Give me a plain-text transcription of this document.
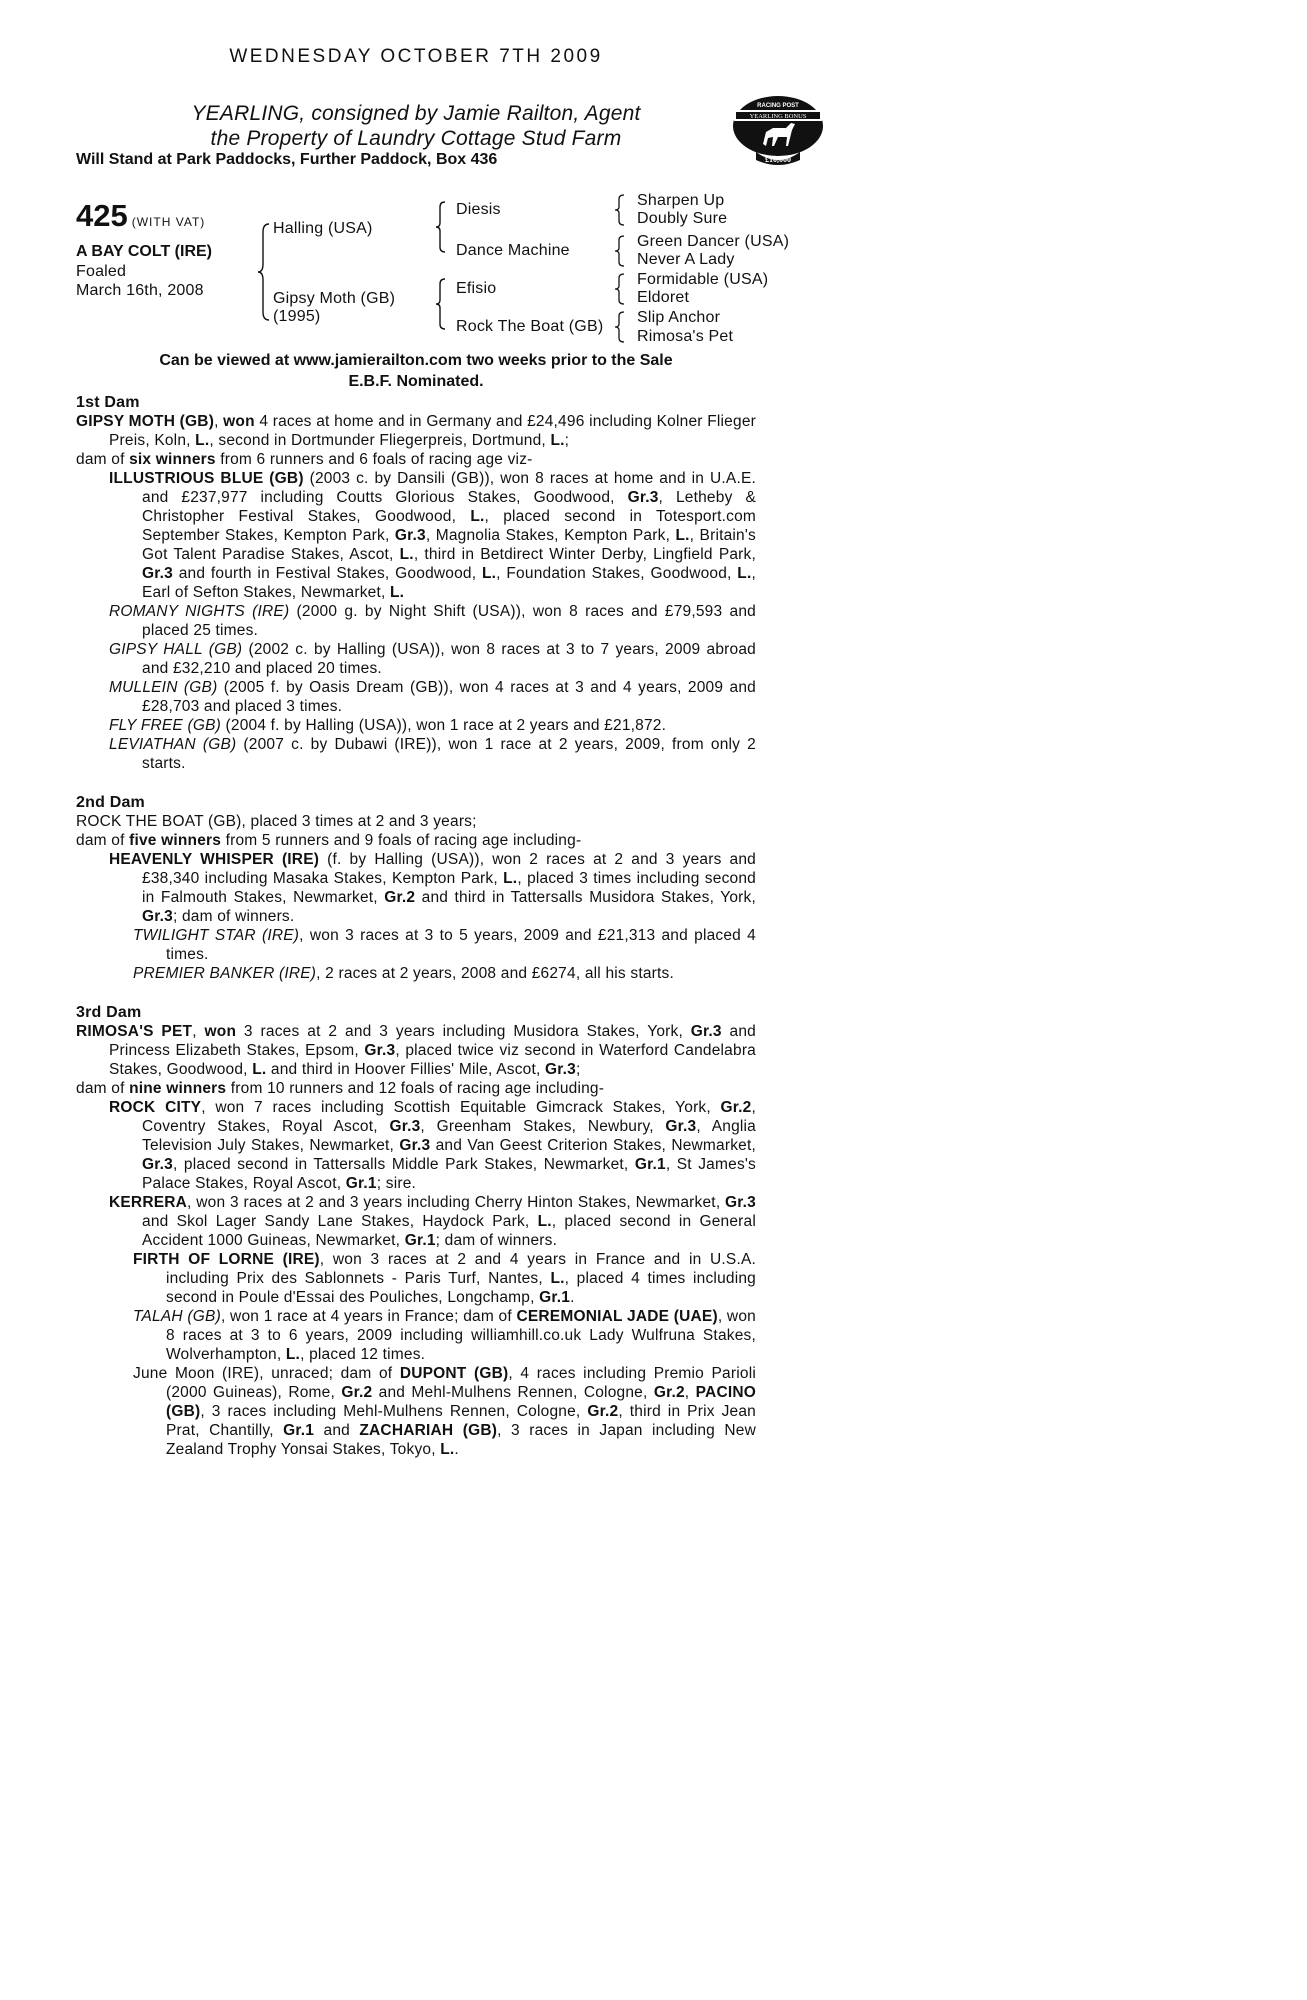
WEDNESDAY OCTOBER 7TH 2009
YEARLING, consigned by Jamie Railton, Agent
the Property of Laundry Cottage Stud Farm
Will Stand at Park Paddocks, Further Paddock, Box 436
RACING POST
YEARLING BONUS
£10,000
425 (WITH VAT)
A BAY COLT (IRE)
Foaled
March 16th, 2008
Halling (USA)
Gipsy Moth (GB)
(1995)
Diesis
Dance Machine
Efisio
Rock The Boat (GB)
Sharpen Up
Doubly Sure
Green Dancer (USA)
Never A Lady
Formidable (USA)
Eldoret
Slip Anchor
Rimosa's Pet
Can be viewed at www.jamierailton.com two weeks prior to the Sale
E.B.F. Nominated.
1st Dam

GIPSY MOTH (GB), won 4 races at home and in Germany and £24,496 including Kolner Flieger Preis, Koln, L., second in Dortmunder Fliegerpreis, Dortmund, L.;

dam of six winners from 6 runners and 6 foals of racing age viz-

ILLUSTRIOUS BLUE (GB) (2003 c. by Dansili (GB)), won 8 races at home and in U.A.E. and £237,977 including Coutts Glorious Stakes, Goodwood, Gr.3, Letheby & Christopher Festival Stakes, Goodwood, L., placed second in Totesport.com September Stakes, Kempton Park, Gr.3, Magnolia Stakes, Kempton Park, L., Britain's Got Talent Paradise Stakes, Ascot, L., third in Betdirect Winter Derby, Lingfield Park, Gr.3 and fourth in Festival Stakes, Goodwood, L., Foundation Stakes, Goodwood, L., Earl of Sefton Stakes, Newmarket, L.

ROMANY NIGHTS (IRE) (2000 g. by Night Shift (USA)), won 8 races and £79,593 and placed 25 times.

GIPSY HALL (GB) (2002 c. by Halling (USA)), won 8 races at 3 to 7 years, 2009 abroad and £32,210 and placed 20 times.

MULLEIN (GB) (2005 f. by Oasis Dream (GB)), won 4 races at 3 and 4 years, 2009 and £28,703 and placed 3 times.

FLY FREE (GB) (2004 f. by Halling (USA)), won 1 race at 2 years and £21,872.

LEVIATHAN (GB) (2007 c. by Dubawi (IRE)), won 1 race at 2 years, 2009, from only 2 starts.

2nd Dam

ROCK THE BOAT (GB), placed 3 times at 2 and 3 years;

dam of five winners from 5 runners and 9 foals of racing age including-

HEAVENLY WHISPER (IRE) (f. by Halling (USA)), won 2 races at 2 and 3 years and £38,340 including Masaka Stakes, Kempton Park, L., placed 3 times including second in Falmouth Stakes, Newmarket, Gr.2 and third in Tattersalls Musidora Stakes, York, Gr.3; dam of winners.

TWILIGHT STAR (IRE), won 3 races at 3 to 5 years, 2009 and £21,313 and placed 4 times.

PREMIER BANKER (IRE), 2 races at 2 years, 2008 and £6274, all his starts.

3rd Dam

RIMOSA'S PET, won 3 races at 2 and 3 years including Musidora Stakes, York, Gr.3 and Princess Elizabeth Stakes, Epsom, Gr.3, placed twice viz second in Waterford Candelabra Stakes, Goodwood, L. and third in Hoover Fillies' Mile, Ascot, Gr.3;

dam of nine winners from 10 runners and 12 foals of racing age including-

ROCK CITY, won 7 races including Scottish Equitable Gimcrack Stakes, York, Gr.2, Coventry Stakes, Royal Ascot, Gr.3, Greenham Stakes, Newbury, Gr.3, Anglia Television July Stakes, Newmarket, Gr.3 and Van Geest Criterion Stakes, Newmarket, Gr.3, placed second in Tattersalls Middle Park Stakes, Newmarket, Gr.1, St James's Palace Stakes, Royal Ascot, Gr.1; sire.

KERRERA, won 3 races at 2 and 3 years including Cherry Hinton Stakes, Newmarket, Gr.3 and Skol Lager Sandy Lane Stakes, Haydock Park, L., placed second in General Accident 1000 Guineas, Newmarket, Gr.1; dam of winners.

FIRTH OF LORNE (IRE), won 3 races at 2 and 4 years in France and in U.S.A. including Prix des Sablonnets - Paris Turf, Nantes, L., placed 4 times including second in Poule d'Essai des Pouliches, Longchamp, Gr.1.

TALAH (GB), won 1 race at 4 years in France; dam of CEREMONIAL JADE (UAE), won 8 races at 3 to 6 years, 2009 including williamhill.co.uk Lady Wulfruna Stakes, Wolverhampton, L., placed 12 times.

June Moon (IRE), unraced; dam of DUPONT (GB), 4 races including Premio Parioli (2000 Guineas), Rome, Gr.2 and Mehl-Mulhens Rennen, Cologne, Gr.2, PACINO (GB), 3 races including Mehl-Mulhens Rennen, Cologne, Gr.2, third in Prix Jean Prat, Chantilly, Gr.1 and ZACHARIAH (GB), 3 races in Japan including New Zealand Trophy Yonsai Stakes, Tokyo, L..
